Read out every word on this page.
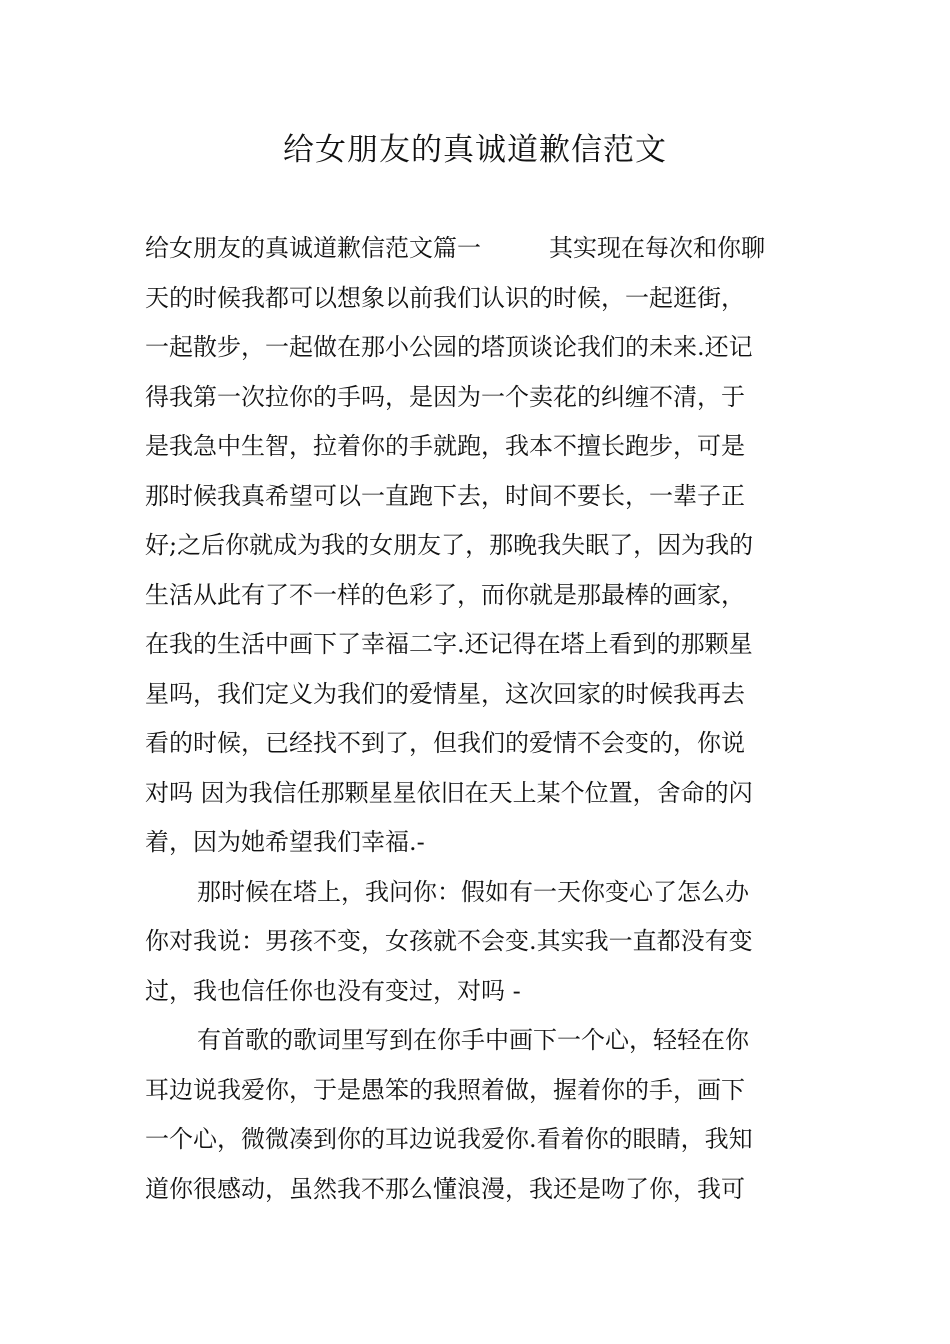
给女朋友的真诚道歉信范文
给女朋友的真诚道歉信范文篇一	其实现在每次和你聊
天的时候我都可以想象以前我们认识的时候，一起逛街，
一起散步，一起做在那小公园的塔顶谈论我们的未来.还记
得我第一次拉你的手吗，是因为一个卖花的纠缠不清，于
是我急中生智，拉着你的手就跑，我本不擅长跑步，可是
那时候我真希望可以一直跑下去，时间不要长，一辈子正
好;之后你就成为我的女朋友了，那晚我失眠了，因为我的
生活从此有了不一样的色彩了，而你就是那最棒的画家，
在我的生活中画下了幸福二字.还记得在塔上看到的那颗星
星吗，我们定义为我们的爱情星，这次回家的时候我再去
看的时候，已经找不到了，但我们的爱情不会变的，你说
对吗 因为我信任那颗星星依旧在天上某个位置，舍命的闪
着，因为她希望我们幸福.-
那时候在塔上，我问你：假如有一天你变心了怎么办
你对我说：男孩不变，女孩就不会变.其实我一直都没有变
过，我也信任你也没有变过，对吗 -
有首歌的歌词里写到在你手中画下一个心，轻轻在你
耳边说我爱你，于是愚笨的我照着做，握着你的手，画下
一个心，微微凑到你的耳边说我爱你.看着你的眼睛，我知
道你很感动，虽然我不那么懂浪漫，我还是吻了你，我可
